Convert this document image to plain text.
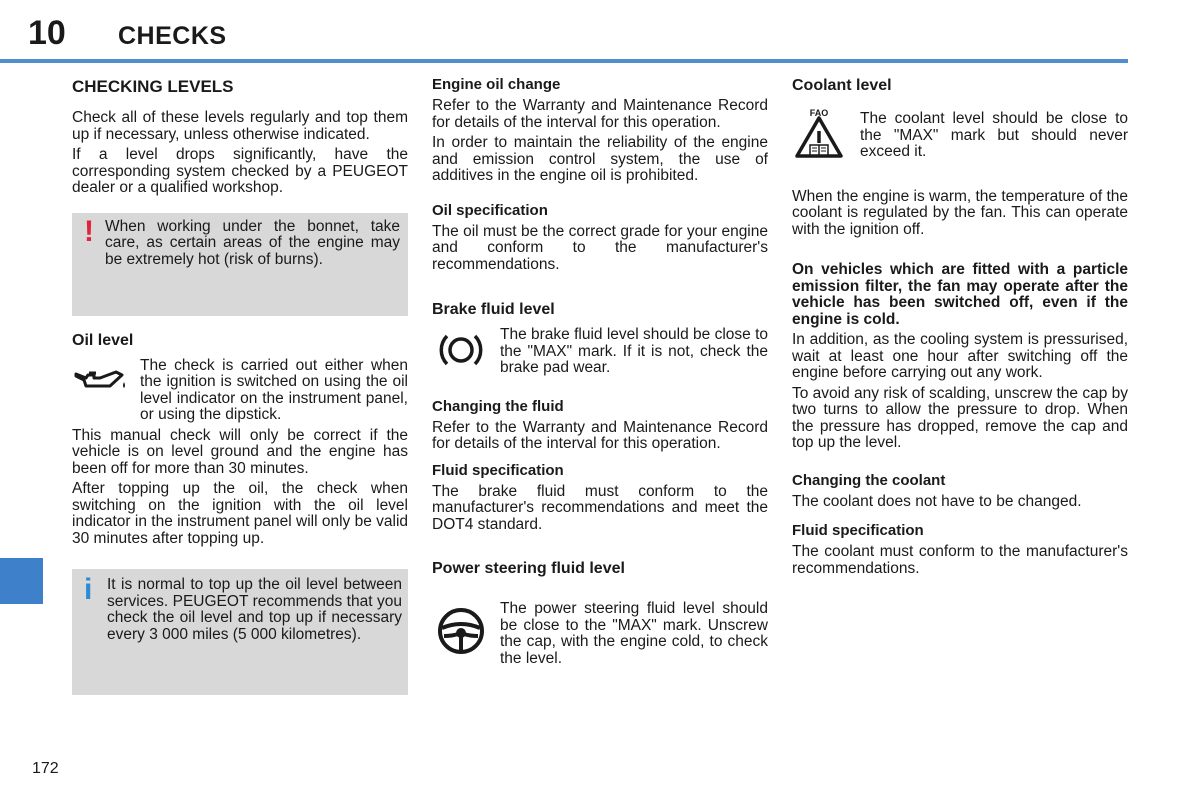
10 CHECKS
172
CHECKING LEVELS

Check all of these levels regularly and top them up if necessary, unless otherwise indicated.

If a level drops significantly, have the corresponding system checked by a PEUGEOT dealer or a qualified workshop.

! When working under the bonnet, take care, as certain areas of the engine may be extremely hot (risk of burns).

Oil level

The check is carried out either when the ignition is switched on using the oil level indicator on the instrument panel, or using the dipstick.

This manual check will only be correct if the vehicle is on level ground and the engine has been off for more than 30 minutes.

After topping up the oil, the check when switching on the ignition with the oil level indicator in the instrument panel will only be valid 30 minutes after topping up.

i It is normal to top up the oil level between services. PEUGEOT recommends that you check the oil level and top up if necessary every 3 000 miles (5 000 kilometres).

Engine oil change

Refer to the Warranty and Maintenance Record for details of the interval for this operation.

In order to maintain the reliability of the engine and emission control system, the use of additives in the engine oil is prohibited.

Oil specification

The oil must be the correct grade for your engine and conform to the manufacturer's recommendations.

Brake fluid level

The brake fluid level should be close to the "MAX" mark. If it is not, check the brake pad wear.

Changing the fluid

Refer to the Warranty and Maintenance Record for details of the interval for this operation.

Fluid specification

The brake fluid must conform to the manufacturer's recommendations and meet the DOT4 standard.

Power steering fluid level

The power steering fluid level should be close to the "MAX" mark. Unscrew the cap, with the engine cold, to check the level.

Coolant level
FAO The coolant level should be close to the "MAX" mark but should never exceed it.

When the engine is warm, the temperature of the coolant is regulated by the fan. This can operate with the ignition off.

On vehicles which are fitted with a particle emission filter, the fan may operate after the vehicle has been switched off, even if the engine is cold.

In addition, as the cooling system is pressurised, wait at least one hour after switching off the engine before carrying out any work.

To avoid any risk of scalding, unscrew the cap by two turns to allow the pressure to drop. When the pressure has dropped, remove the cap and top up the level.

Changing the coolant

The coolant does not have to be changed.

Fluid specification

The coolant must conform to the manufacturer's recommendations.
